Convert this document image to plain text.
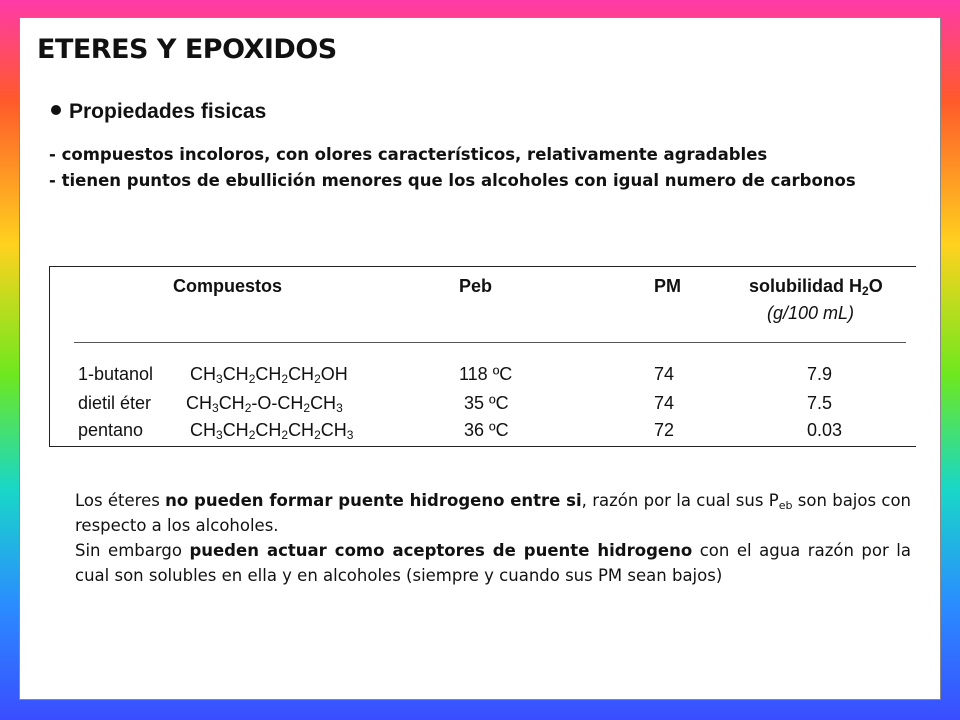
ETERES Y EPOXIDOS
Propiedades fisicas

- compuestos incoloros, con olores característicos, relativamente agradables

- tienen puntos de ebullición menores que los alcoholes con igual numero de carbonos

Compuestos	Peb	PM	solubilidad $H_2O$
(g/100 mL)
1-butanol $CH_3CH_2CH_2CH_2OH$	118 ºC	74	7.9
dietil éter $CH_3CH_2-O-CH_2CH_3$	35 ºC	74	7.5
pentano	$CH_3CH_2CH_2CH_2CH_3$	36 ºC	72	0.03

Los éteres no pueden formar puente hidrogeno entre si, razón por la cual sus $P_{eb}$ son bajos con respecto a los alcoholes.

Sin embargo pueden actuar como aceptores de puente hidrogeno con el agua razón por la cual son solubles en ella y en alcoholes (siempre y cuando sus PM sean bajos)
